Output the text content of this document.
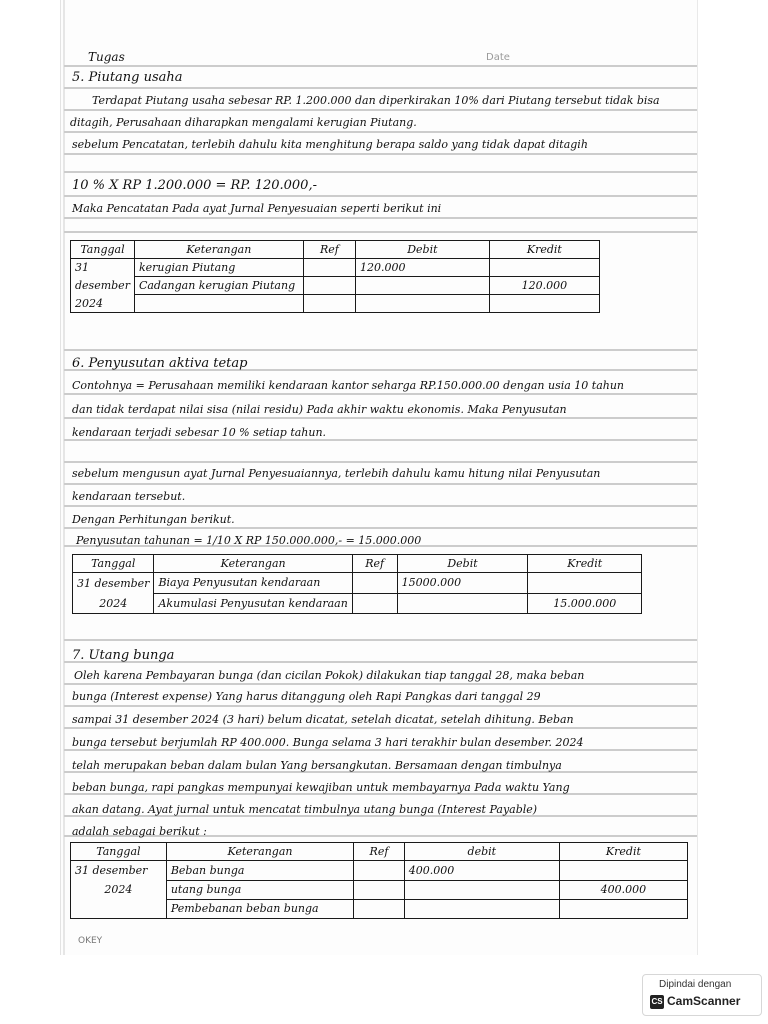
Tugas	Date
5. Piutang usaha
Terdapat Piutang usaha sebesar RP. 1.200.000 dan diperkirakan 10% dari Piutang tersebut tidak bisa
ditagih, Perusahaan diharapkan mengalami kerugian Piutang.
sebelum Pencatatan, terlebih dahulu kita menghitung berapa saldo yang tidak dapat ditagih
10 % X RP 1.200.000 = RP. 120.000,-
Maka Pencatatan Pada ayat Jurnal Penyesuaian seperti berikut ini
Tanggal	Keterangan	Ref	Debit	Kredit
31	kerugian Piutang		120.000	
desember	Cadangan kerugian Piutang			120.000
2024				
6. Penyusutan aktiva tetap
Contohnya = Perusahaan memiliki kendaraan kantor seharga RP.150.000.00 dengan usia 10 tahun
dan tidak terdapat nilai sisa (nilai residu) Pada akhir waktu ekonomis. Maka Penyusutan
kendaraan terjadi sebesar 10 % setiap tahun.
sebelum mengusun ayat Jurnal Penyesuaiannya, terlebih dahulu kamu hitung nilai Penyusutan
kendaraan tersebut.
Dengan Perhitungan berikut.
Penyusutan tahunan = 1/10 X RP 150.000.000,- = 15.000.000
Tanggal	Keterangan	Ref	Debit	Kredit
31 desember	Biaya Penyusutan kendaraan		15000.000	
2024	Akumulasi Penyusutan kendaraan			15.000.000
7. Utang bunga
Oleh karena Pembayaran bunga (dan cicilan Pokok) dilakukan tiap tanggal 28, maka beban
bunga (Interest expense) Yang harus ditanggung oleh Rapi Pangkas dari tanggal 29
sampai 31 desember 2024 (3 hari) belum dicatat, setelah dicatat, setelah dihitung. Beban
bunga tersebut berjumlah RP 400.000. Bunga selama 3 hari terakhir bulan desember. 2024
telah merupakan beban dalam bulan Yang bersangkutan. Bersamaan dengan timbulnya
beban bunga, rapi pangkas mempunyai kewajiban untuk membayarnya Pada waktu Yang
akan datang. Ayat jurnal untuk mencatat timbulnya utang bunga (Interest Payable)
adalah sebagai berikut :
Tanggal	Keterangan	Ref	debit	Kredit
31 desember	Beban bunga		400.000	
2024	utang bunga			400.000
	Pembebanan beban bunga			
OKEY
Dipindai dengan
CS CamScanner
